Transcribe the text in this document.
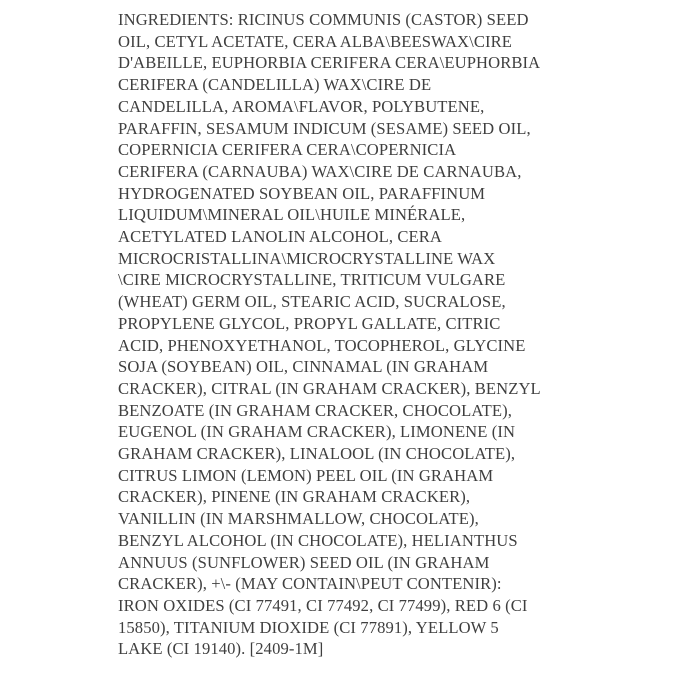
INGREDIENTS: RICINUS COMMUNIS (CASTOR) SEED
OIL, CETYL ACETATE, CERA ALBA\BEESWAX\CIRE
D'ABEILLE, EUPHORBIA CERIFERA CERA\EUPHORBIA
CERIFERA (CANDELILLA) WAX\CIRE DE
CANDELILLA, AROMA\FLAVOR, POLYBUTENE,
PARAFFIN, SESAMUM INDICUM (SESAME) SEED OIL,
COPERNICIA CERIFERA CERA\COPERNICIA
CERIFERA (CARNAUBA) WAX\CIRE DE CARNAUBA,
HYDROGENATED SOYBEAN OIL, PARAFFINUM
LIQUIDUM\MINERAL OIL\HUILE MINÉRALE,
ACETYLATED LANOLIN ALCOHOL, CERA
MICROCRISTALLINA\MICROCRYSTALLINE WAX
\CIRE MICROCRYSTALLINE, TRITICUM VULGARE
(WHEAT) GERM OIL, STEARIC ACID, SUCRALOSE,
PROPYLENE GLYCOL, PROPYL GALLATE, CITRIC
ACID, PHENOXYETHANOL, TOCOPHEROL, GLYCINE
SOJA (SOYBEAN) OIL, CINNAMAL (IN GRAHAM
CRACKER), CITRAL (IN GRAHAM CRACKER), BENZYL
BENZOATE (IN GRAHAM CRACKER, CHOCOLATE),
EUGENOL (IN GRAHAM CRACKER), LIMONENE (IN
GRAHAM CRACKER), LINALOOL (IN CHOCOLATE),
CITRUS LIMON (LEMON) PEEL OIL (IN GRAHAM
CRACKER), PINENE (IN GRAHAM CRACKER),
VANILLIN (IN MARSHMALLOW, CHOCOLATE),
BENZYL ALCOHOL (IN CHOCOLATE), HELIANTHUS
ANNUUS (SUNFLOWER) SEED OIL (IN GRAHAM
CRACKER), +\- (MAY CONTAIN\PEUT CONTENIR):
IRON OXIDES (CI 77491, CI 77492, CI 77499), RED 6 (CI
15850), TITANIUM DIOXIDE (CI 77891), YELLOW 5
LAKE (CI 19140). [2409-1M]
